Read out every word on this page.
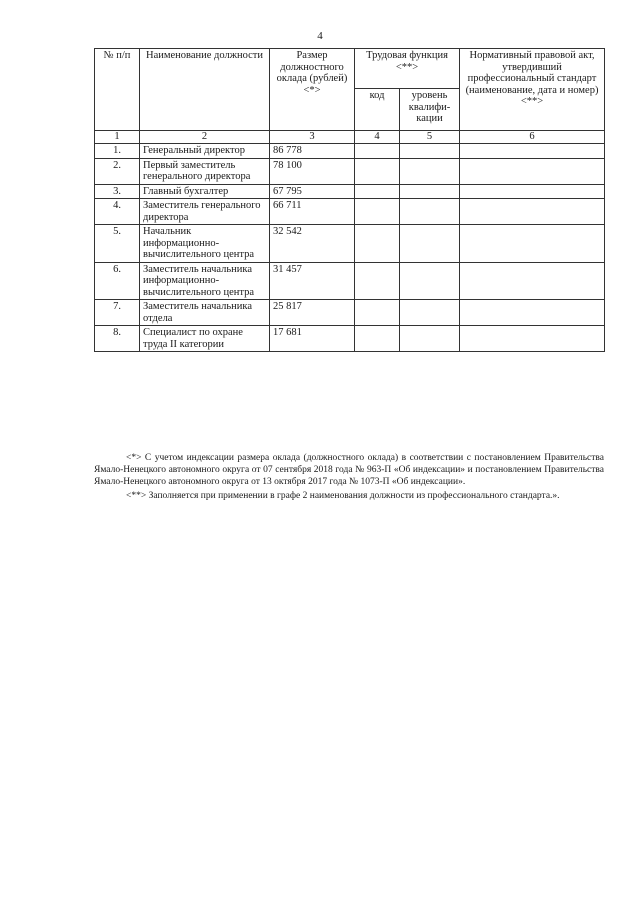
4
№ п/п	Наименование должности	Размер должностного оклада (рублей) <*>	Трудовая функция <**>		Нормативный правовой акт, утвердивший профессиональный стандарт (наименование, дата и номер) <**>
			код	уровень квалифи-кации	
1	2	3	4	5	6
1.	Генеральный директор	86 778			
2.	Первый заместитель генерального директора	78 100			
3.	Главный бухгалтер	67 795			
4.	Заместитель генерального директора	66 711			
5.	Начальник информационно-вычислительного центра	32 542			
6.	Заместитель начальника информационно-вычислительного центра	31 457			
7.	Заместитель начальника отдела	25 817			
8.	Специалист по охране труда II категории	17 681			

<*> С учетом индексации размера оклада (должностного оклада) в соответствии с постановлением Правительства Ямало-Ненецкого автономного округа от 07 сентября 2018 года № 963-П «Об индексации» и постановлением Правительства Ямало-Ненецкого автономного округа от 13 октября 2017 года № 1073-П «Об индексации».

<**> Заполняется при применении в графе 2 наименования должности из профессионального стандарта.».
